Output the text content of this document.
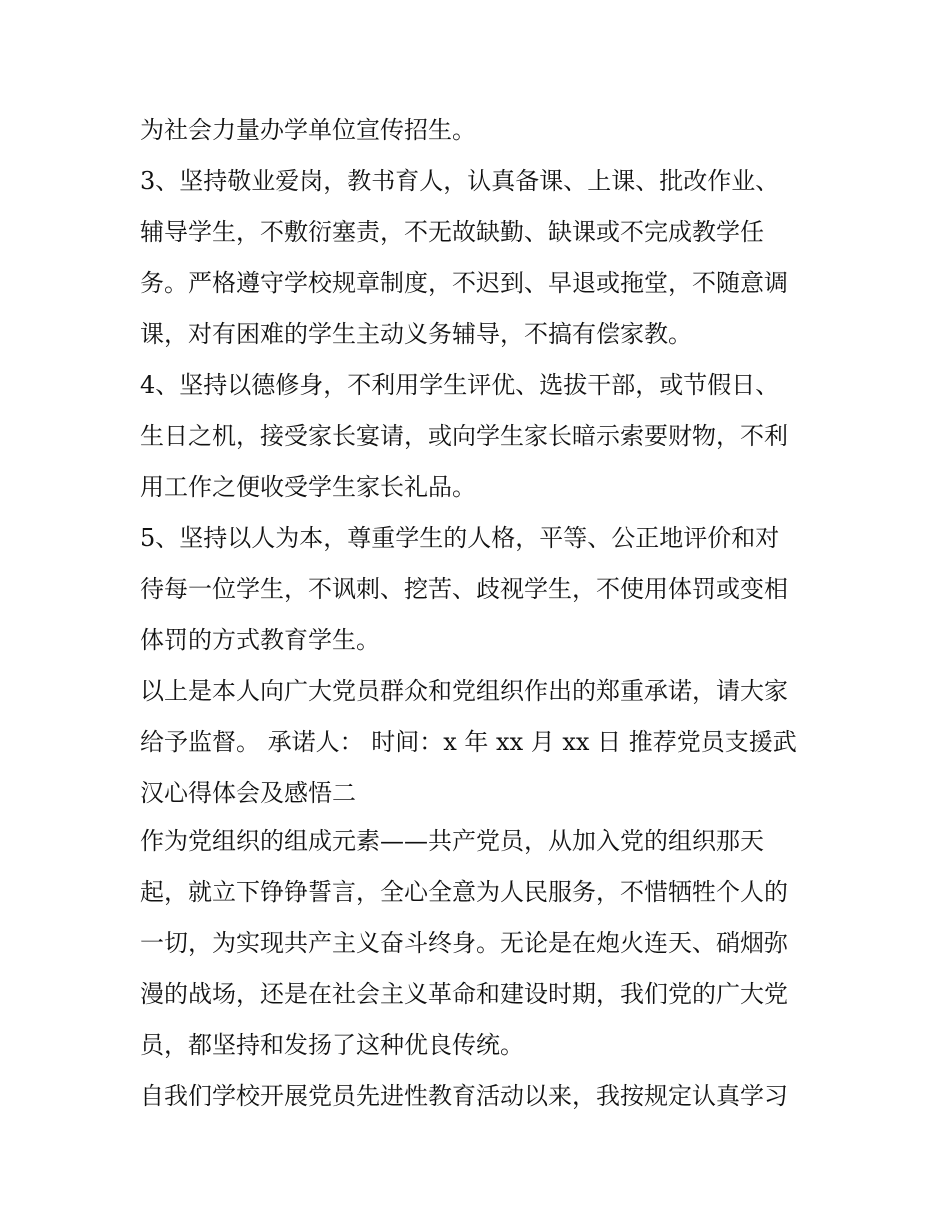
为社会力量办学单位宣传招生。
3、坚持敬业爱岗，教书育人，认真备课、上课、批改作业、
辅导学生，不敷衍塞责，不无故缺勤、缺课或不完成教学任
务。严格遵守学校规章制度，不迟到、早退或拖堂，不随意调
课，对有困难的学生主动义务辅导，不搞有偿家教。
4、坚持以德修身，不利用学生评优、选拔干部，或节假日、
生日之机，接受家长宴请，或向学生家长暗示索要财物，不利
用工作之便收受学生家长礼品。
5、坚持以人为本，尊重学生的人格，平等、公正地评价和对
待每一位学生，不讽刺、挖苦、歧视学生，不使用体罚或变相
体罚的方式教育学生。
以上是本人向广大党员群众和党组织作出的郑重承诺，请大家
给予监督。 承诺人： 时间：x 年 xx 月 xx 日 推荐党员支援武
汉心得体会及感悟二
作为党组织的组成元素——共产党员，从加入党的组织那天
起，就立下铮铮誓言，全心全意为人民服务，不惜牺牲个人的
一切，为实现共产主义奋斗终身。无论是在炮火连天、硝烟弥
漫的战场，还是在社会主义革命和建设时期，我们党的广大党
员，都坚持和发扬了这种优良传统。
自我们学校开展党员先进性教育活动以来，我按规定认真学习
